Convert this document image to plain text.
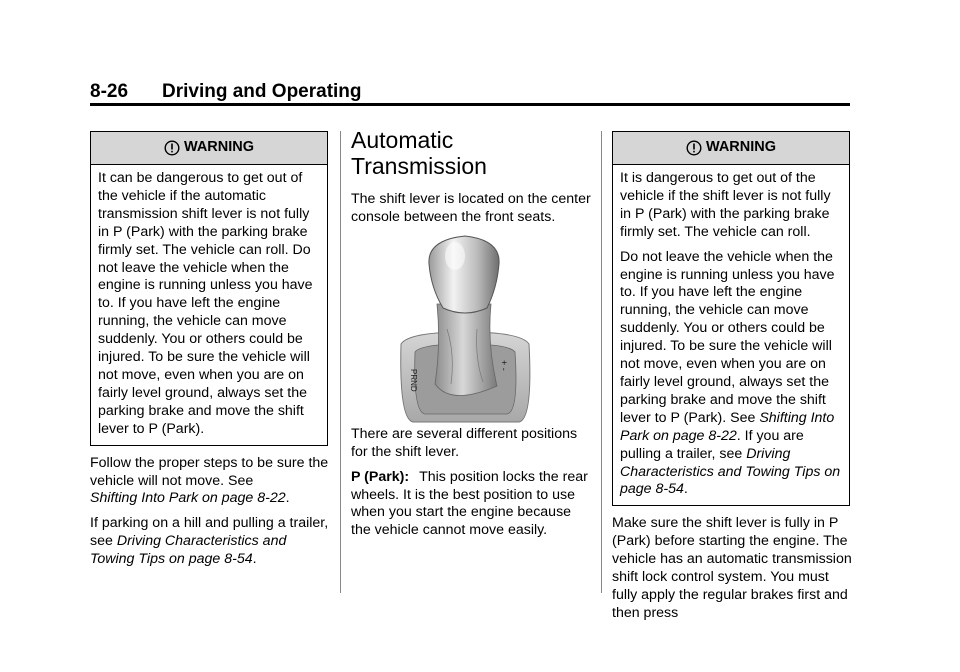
8-26 Driving and Operating
WARNING

It can be dangerous to get out of the vehicle if the automatic transmission shift lever is not fully in P (Park) with the parking brake firmly set. The vehicle can roll. Do not leave the vehicle when the engine is running unless you have to. If you have left the engine running, the vehicle can move suddenly. You or others could be injured. To be sure the vehicle will not move, even when you are on fairly level ground, always set the parking brake and move the shift lever to P (Park).

Follow the proper steps to be sure the vehicle will not move. See
Shifting Into Park on page 8-22.

If parking on a hill and pulling a trailer, see Driving Characteristics and Towing Tips on page 8-54.

Automatic Transmission

The shift lever is located on the center console between the front seats.

PRND
+ -

There are several different positions for the shift lever.

P (Park): This position locks the rear wheels. It is the best position to use when you start the engine because the vehicle cannot move easily.

WARNING

It is dangerous to get out of the vehicle if the shift lever is not fully in P (Park) with the parking brake firmly set. The vehicle can roll.

Do not leave the vehicle when the engine is running unless you have to. If you have left the engine running, the vehicle can move suddenly. You or others could be injured. To be sure the vehicle will not move, even when you are on fairly level ground, always set the parking brake and move the shift lever to P (Park). See Shifting Into Park on page 8-22. If you are pulling a trailer, see Driving Characteristics and Towing Tips on page 8-54.

Make sure the shift lever is fully in P (Park) before starting the engine. The vehicle has an automatic transmission shift lock control system. You must fully apply the regular brakes first and then press
